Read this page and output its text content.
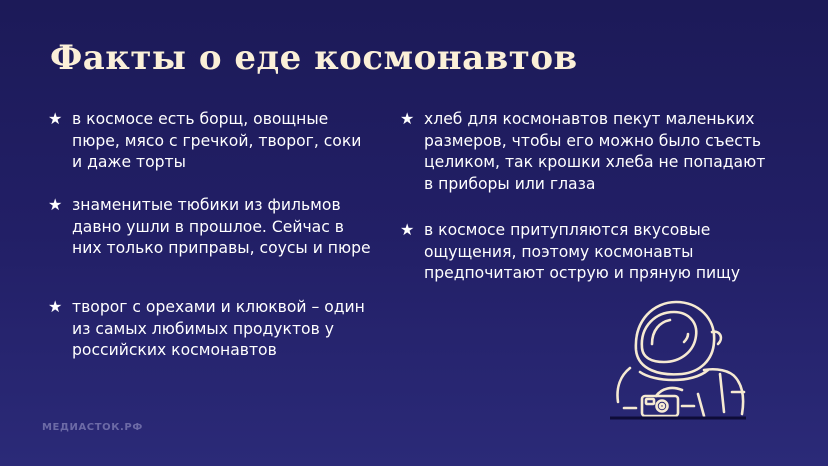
Факты о еде космонавтов
★ в космосе есть борщ, овощные пюре, мясо с гречкой, творог, соки и даже торты
★ знаменитые тюбики из фильмов давно ушли в прошлое. Сейчас в них только приправы, соусы и пюре
★ творог с орехами и клюквой – один из самых любимых продуктов у российских космонавтов
★ хлеб для космонавтов пекут маленьких размеров, чтобы его можно было съесть целиком, так крошки хлеба не попадают в приборы или глаза
★ в космосе притупляются вкусовые ощущения, поэтому космонавты предпочитают острую и пряную пищу
МЕДИАСТОК.РФ
